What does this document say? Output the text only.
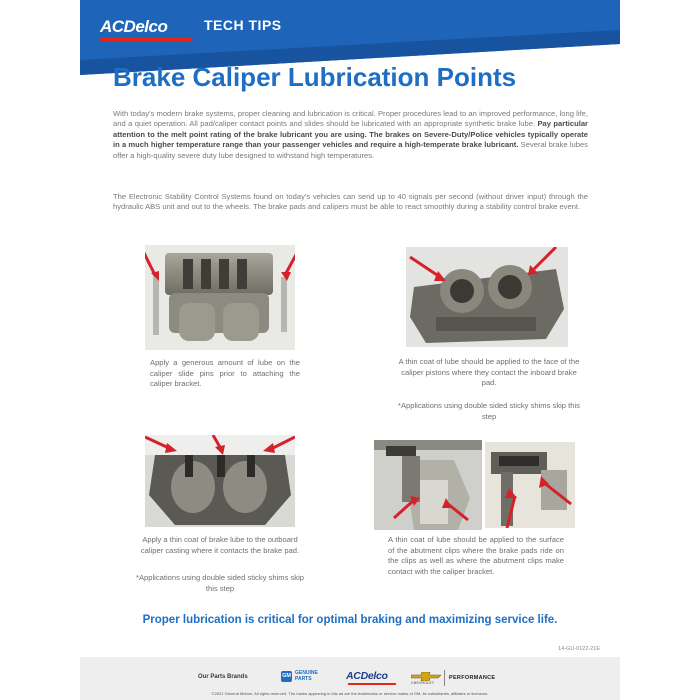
ACDelco	TECH TIPS
Brake Caliper Lubrication Points

With today's modern brake systems, proper cleaning and lubrication is critical. Proper procedures lead to an improved performance, long life, and a quiet operation. All pad/caliper contact points and slides should be lubricated with an appropriate synthetic brake lube. Pay particular attention to the melt point rating of the brake lubricant you are using. The brakes on Severe-Duty/Police vehicles typically operate in a much higher temperature range than your passenger vehicles and require a high-temperate brake lubricant. Several brake lubes offer a high-quality severe duty lube designed to withstand high temperatures.

The Electronic Stability Control Systems found on today's vehicles can send up to 40 signals per second (without driver input) through the hydraulic ABS unit and out to the wheels. The brake pads and calipers must be able to react smoothly during a stability control brake event.

Apply a generous amount of lube on the caliper slide pins prior to attaching the caliper bracket.

A thin coat of lube should be applied to the face of the caliper pistons where they contact the inboard brake pad.

*Applications using double sided sticky shims skip this step

Apply a thin coat of brake lube to the outboard caliper casting where it contacts the brake pad.

*Applications using double sided sticky shims skip this step

A thin coat of lube should be applied to the surface of the abutment clips where the brake pads ride on the clips as well as where the abutment clips make contact with the caliper bracket.

Proper lubrication is critical for optimal braking and maximizing service life.

14-GU-0122-21E
Our Parts Brands	GM GENUINE PARTS	ACDelco
CHEVROLET
PERFORMANCE
©2021 General Motors. All rights reserved. The marks appearing in this ad are the trademarks or service marks of GM, its subsidiaries, affiliates or licensors.
